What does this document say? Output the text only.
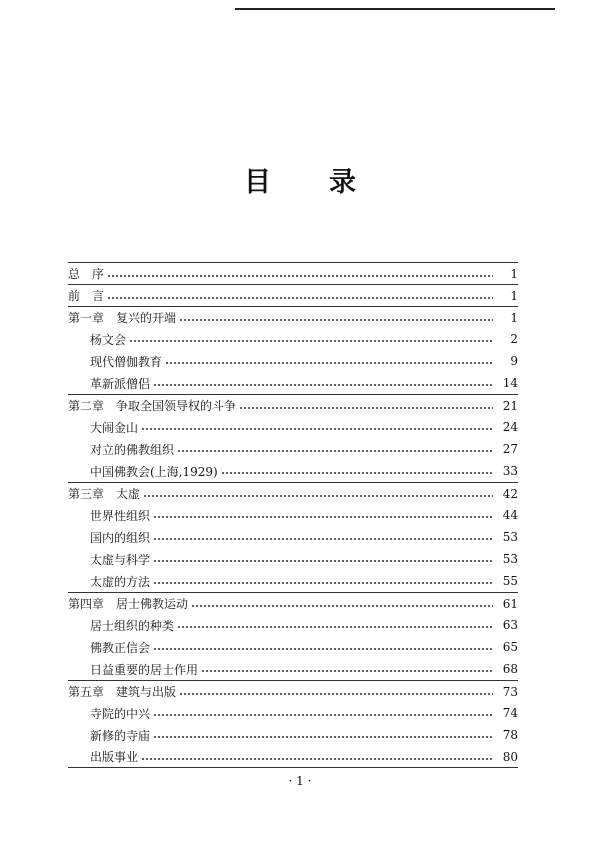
目 录
总　序	1
前　言	1
第一章　复兴的开端	1
杨文会	2
现代僧伽教育	9
革新派僧侣	14
第二章　争取全国领导权的斗争	21
大闹金山	24
对立的佛教组织	27
中国佛教会(上海,1929)	33
第三章　太虚	42
世界性组织	44
国内的组织	53
太虚与科学	53
太虚的方法	55
第四章　居士佛教运动	61
居士组织的种类	63
佛教正信会	65
日益重要的居士作用	68
第五章　建筑与出版	73
寺院的中兴	74
新修的寺庙	78
出版事业	80
· 1 ·
